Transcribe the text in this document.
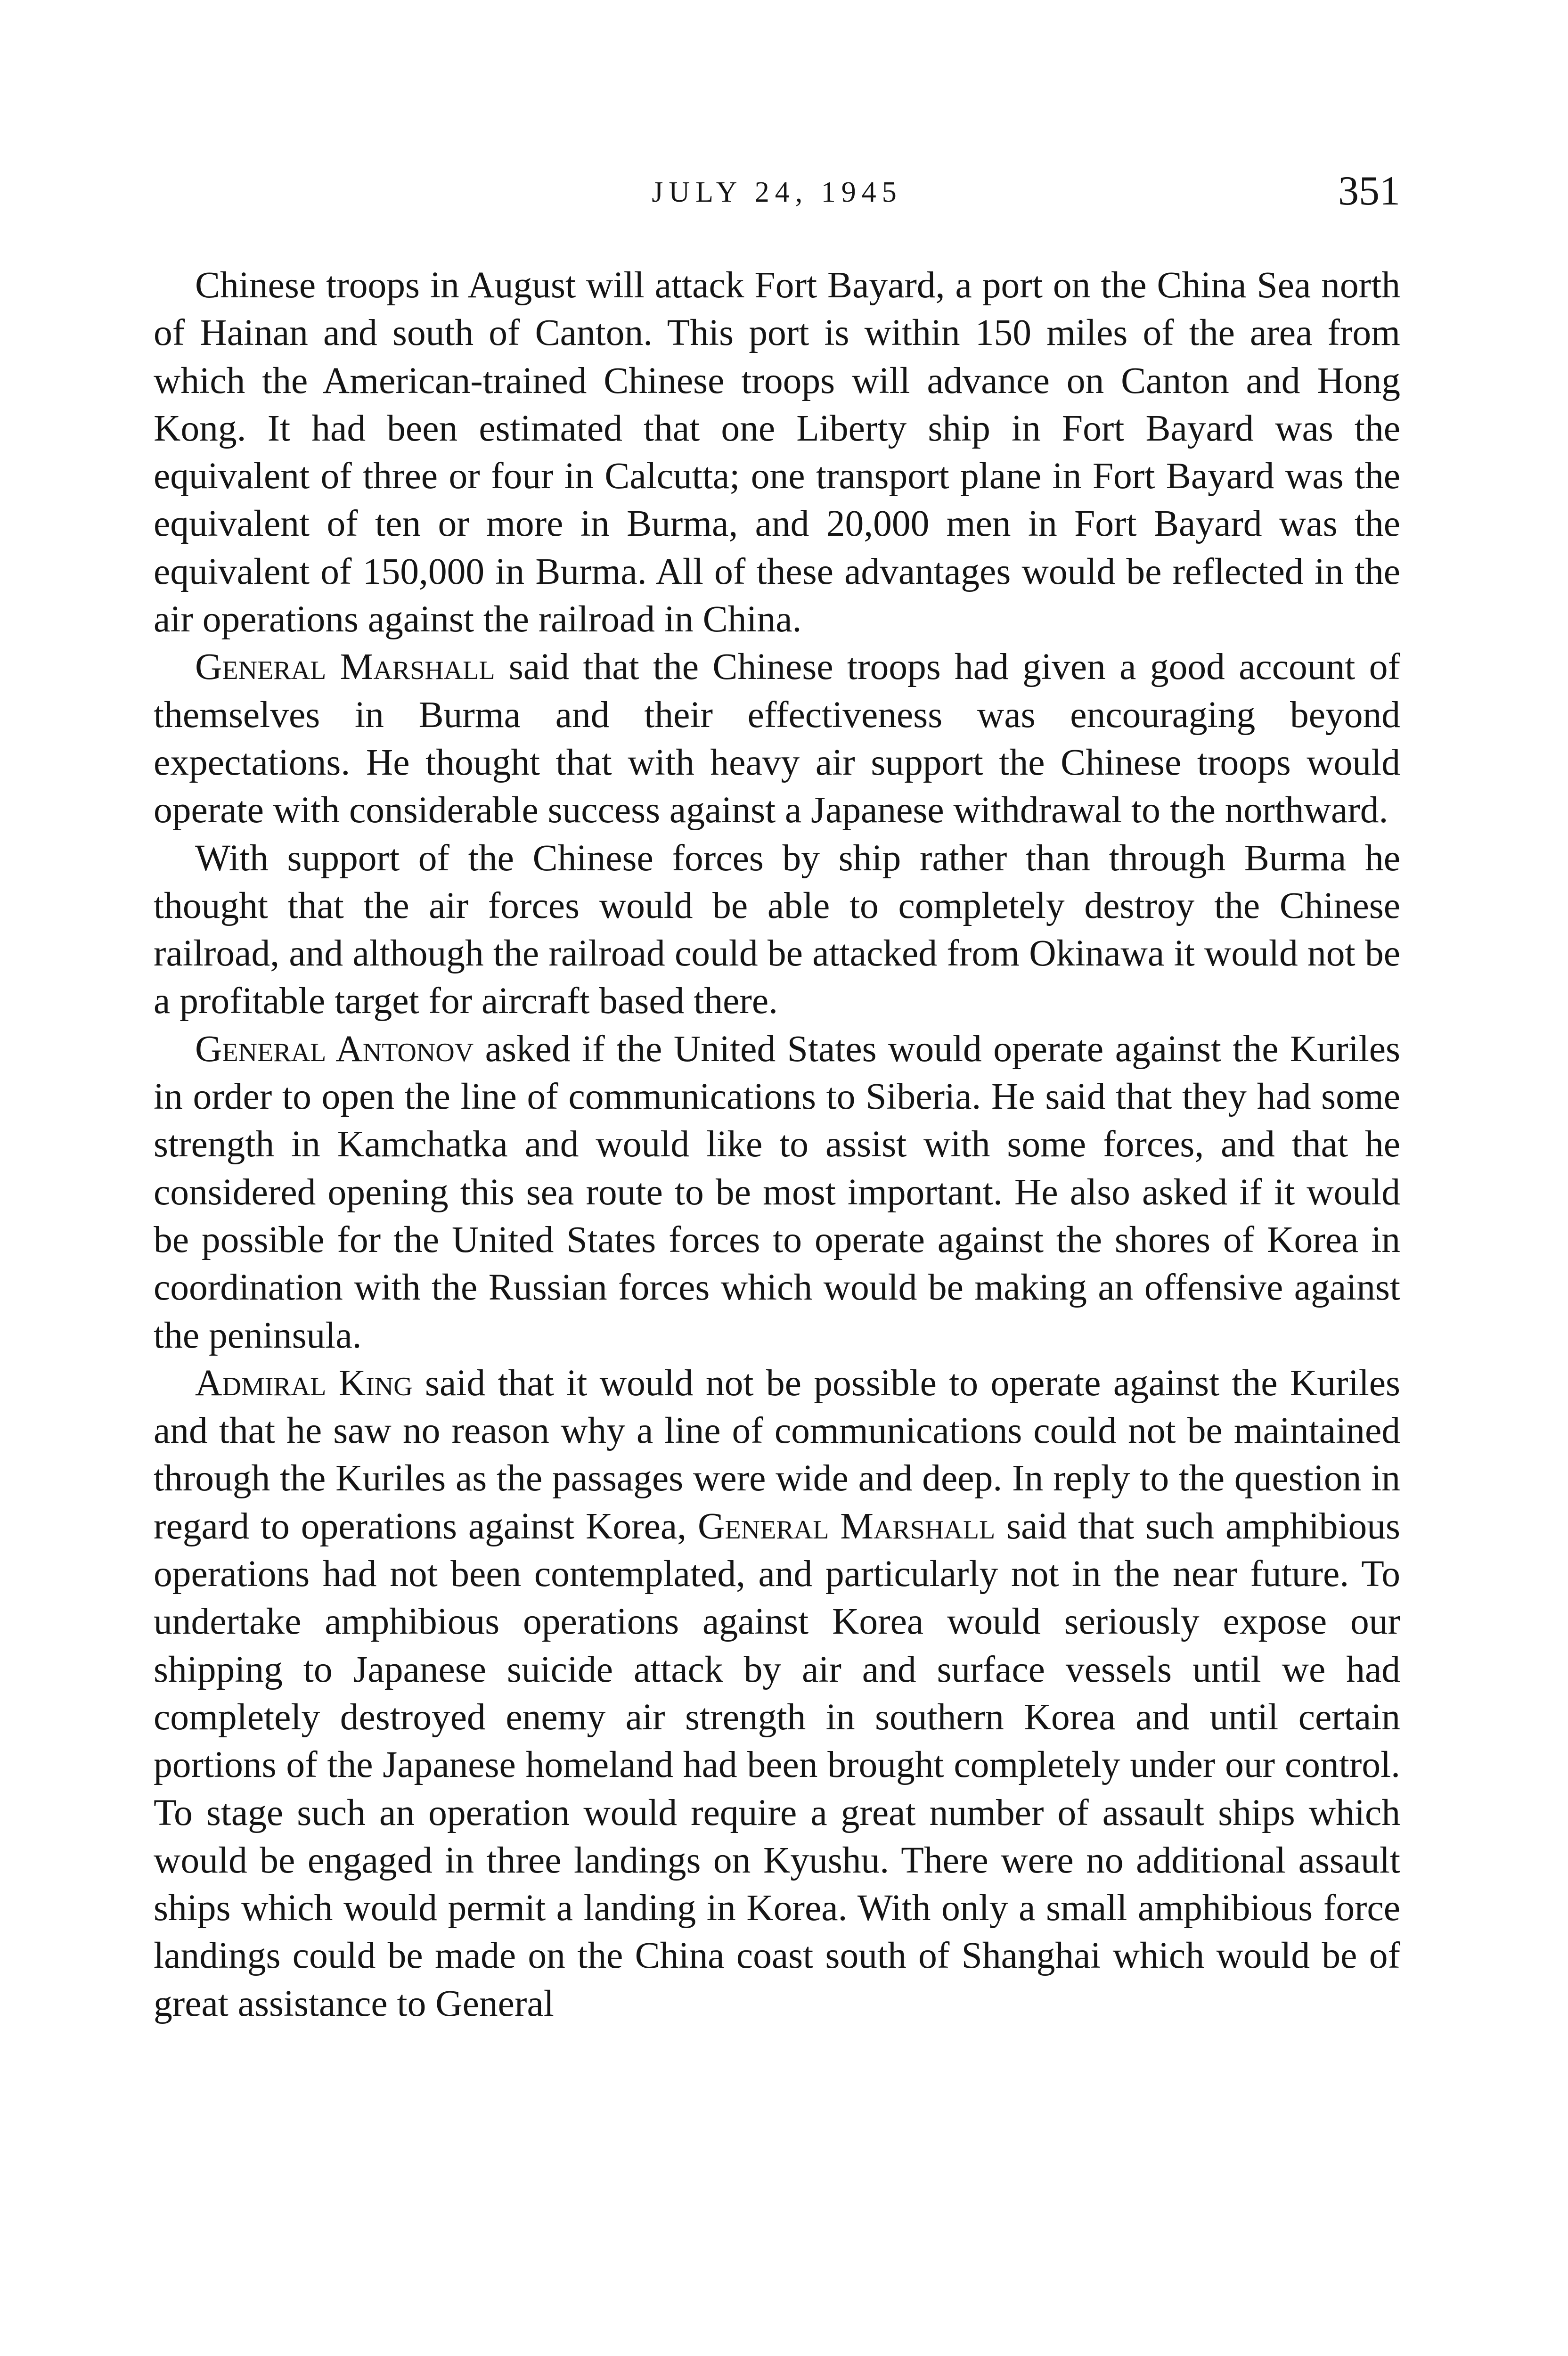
JULY 24, 1945	351

Chinese troops in August will attack Fort Bayard, a port on the China Sea north of Hainan and south of Canton. This port is within 150 miles of the area from which the American-trained Chinese troops will advance on Canton and Hong Kong. It had been estimated that one Liberty ship in Fort Bayard was the equivalent of three or four in Calcutta; one transport plane in Fort Bayard was the equivalent of ten or more in Burma, and 20,000 men in Fort Bayard was the equivalent of 150,000 in Burma. All of these advantages would be reflected in the air operations against the railroad in China.

General Marshall said that the Chinese troops had given a good account of themselves in Burma and their effectiveness was encouraging beyond expectations. He thought that with heavy air support the Chinese troops would operate with considerable success against a Japanese withdrawal to the northward.

With support of the Chinese forces by ship rather than through Burma he thought that the air forces would be able to completely destroy the Chinese railroad, and although the railroad could be attacked from Okinawa it would not be a profitable target for aircraft based there.

General Antonov asked if the United States would operate against the Kuriles in order to open the line of communications to Siberia. He said that they had some strength in Kamchatka and would like to assist with some forces, and that he considered opening this sea route to be most important. He also asked if it would be possible for the United States forces to operate against the shores of Korea in coordination with the Russian forces which would be making an offensive against the peninsula.

Admiral King said that it would not be possible to operate against the Kuriles and that he saw no reason why a line of communications could not be maintained through the Kuriles as the passages were wide and deep. In reply to the question in regard to operations against Korea, General Marshall said that such amphibious operations had not been contemplated, and particularly not in the near future. To undertake amphibious operations against Korea would seriously expose our shipping to Japanese suicide attack by air and surface vessels until we had completely destroyed enemy air strength in southern Korea and until certain portions of the Japanese homeland had been brought completely under our control. To stage such an operation would require a great number of assault ships which would be engaged in three landings on Kyushu. There were no additional assault ships which would permit a landing in Korea. With only a small amphibious force landings could be made on the China coast south of Shanghai which would be of great assistance to General
